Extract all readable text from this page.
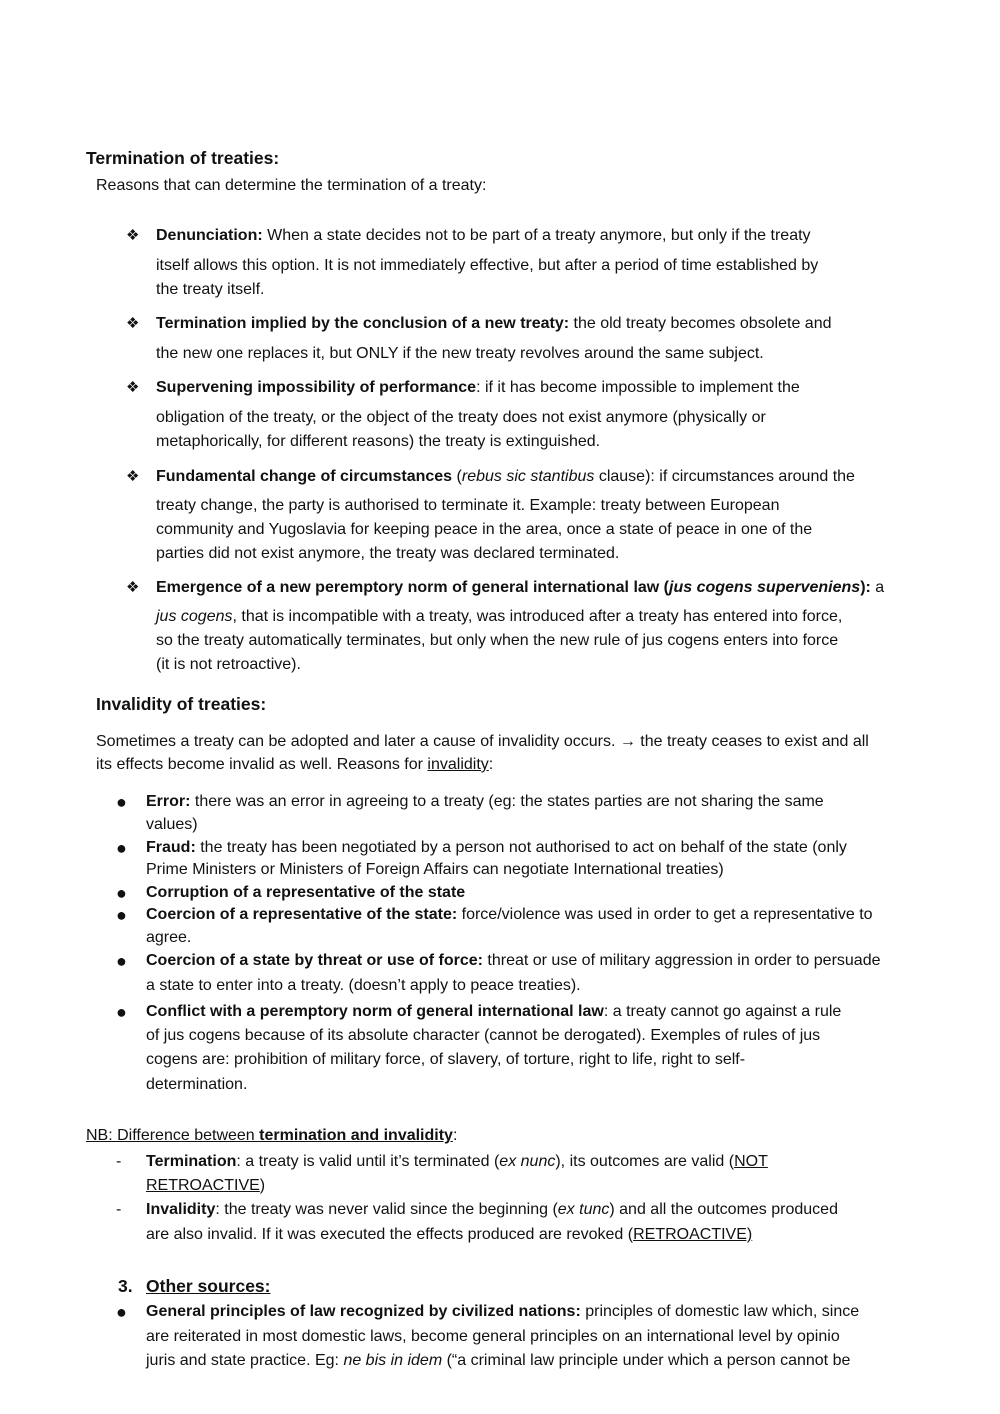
Termination of treaties:
Reasons that can determine the termination of a treaty:
❖ Denunciation: When a state decides not to be part of a treaty anymore, but only if the treaty
itself allows this option. It is not immediately effective, but after a period of time established by
the treaty itself.
❖ Termination implied by the conclusion of a new treaty: the old treaty becomes obsolete and
the new one replaces it, but ONLY if the new treaty revolves around the same subject.
❖ Supervening impossibility of performance: if it has become impossible to implement the
obligation of the treaty, or the object of the treaty does not exist anymore (physically or
metaphorically, for different reasons) the treaty is extinguished.
❖ Fundamental change of circumstances (rebus sic stantibus clause): if circumstances around the
treaty change, the party is authorised to terminate it. Example: treaty between European
community and Yugoslavia for keeping peace in the area, once a state of peace in one of the
parties did not exist anymore, the treaty was declared terminated.
❖ Emergence of a new peremptory norm of general international law (jus cogens superveniens): a
jus cogens, that is incompatible with a treaty, was introduced after a treaty has entered into force,
so the treaty automatically terminates, but only when the new rule of jus cogens enters into force
(it is not retroactive).
Invalidity of treaties:
Sometimes a treaty can be adopted and later a cause of invalidity occurs. → the treaty ceases to exist and all
its effects become invalid as well. Reasons for invalidity:
● Error: there was an error in agreeing to a treaty (eg: the states parties are not sharing the same
values)
● Fraud: the treaty has been negotiated by a person not authorised to act on behalf of the state (only
Prime Ministers or Ministers of Foreign Affairs can negotiate International treaties)
● Corruption of a representative of the state
● Coercion of a representative of the state: force/violence was used in order to get a representative to
agree.
● Coercion of a state by threat or use of force: threat or use of military aggression in order to persuade
a state to enter into a treaty. (doesn’t apply to peace treaties).
● Conflict with a peremptory norm of general international law: a treaty cannot go against a rule
of jus cogens because of its absolute character (cannot be derogated). Exemples of rules of jus
cogens are: prohibition of military force, of slavery, of torture, right to life, right to self-
determination.
NB: Difference between termination and invalidity:
- Termination: a treaty is valid until it’s terminated (ex nunc), its outcomes are valid (NOT
RETROACTIVE)
- Invalidity: the treaty was never valid since the beginning (ex tunc) and all the outcomes produced
are also invalid. If it was executed the effects produced are revoked (RETROACTIVE)
3. Other sources:
● General principles of law recognized by civilized nations: principles of domestic law which, since
are reiterated in most domestic laws, become general principles on an international level by opinio
juris and state practice. Eg: ne bis in idem (“a criminal law principle under which a person cannot be
